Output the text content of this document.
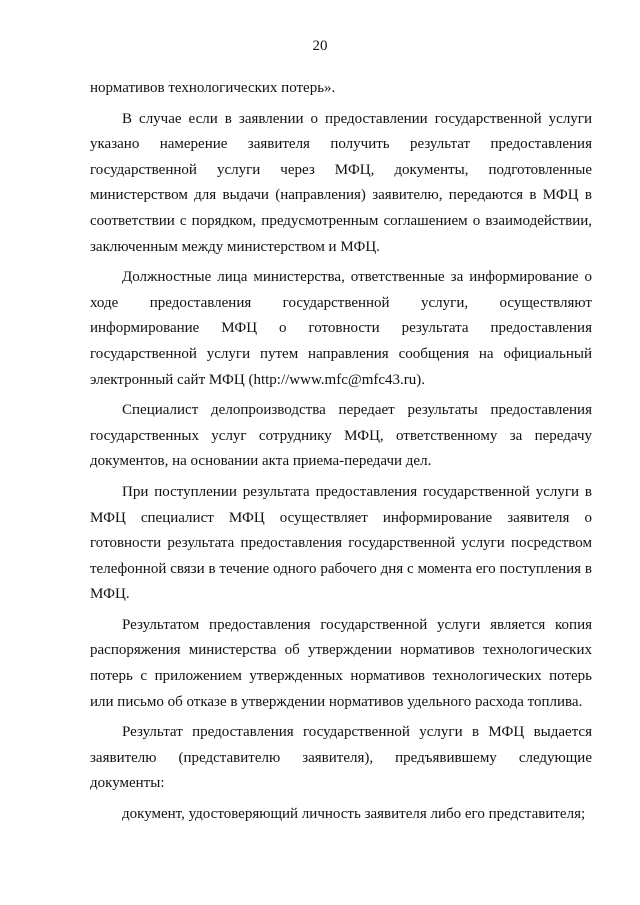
20

нормативов технологических потерь».

В случае если в заявлении о предоставлении государственной услуги указано намерение заявителя получить результат предоставления государственной услуги через МФЦ, документы, подготовленные министерством для выдачи (направления) заявителю, передаются в МФЦ в соответствии с порядком, предусмотренным соглашением о взаимодействии, заключенным между министерством и МФЦ.

Должностные лица министерства, ответственные за информирование о ходе предоставления государственной услуги, осуществляют информирование МФЦ о готовности результата предоставления государственной услуги путем направления сообщения на официальный электронный сайт МФЦ (http://www.mfc@mfc43.ru).

Специалист делопроизводства передает результаты предоставления государственных услуг сотруднику МФЦ, ответственному за передачу документов, на основании акта приема-передачи дел.

При поступлении результата предоставления государственной услуги в МФЦ специалист МФЦ осуществляет информирование заявителя о готовности результата предоставления государственной услуги посредством телефонной связи в течение одного рабочего дня с момента его поступления в МФЦ.

Результатом предоставления государственной услуги является копия распоряжения министерства об утверждении нормативов технологических потерь с приложением утвержденных нормативов технологических потерь или письмо об отказе в утверждении нормативов удельного расхода топлива.

Результат предоставления государственной услуги в МФЦ выдается заявителю (представителю заявителя), предъявившему следующие документы:

документ, удостоверяющий личность заявителя либо его представителя;
